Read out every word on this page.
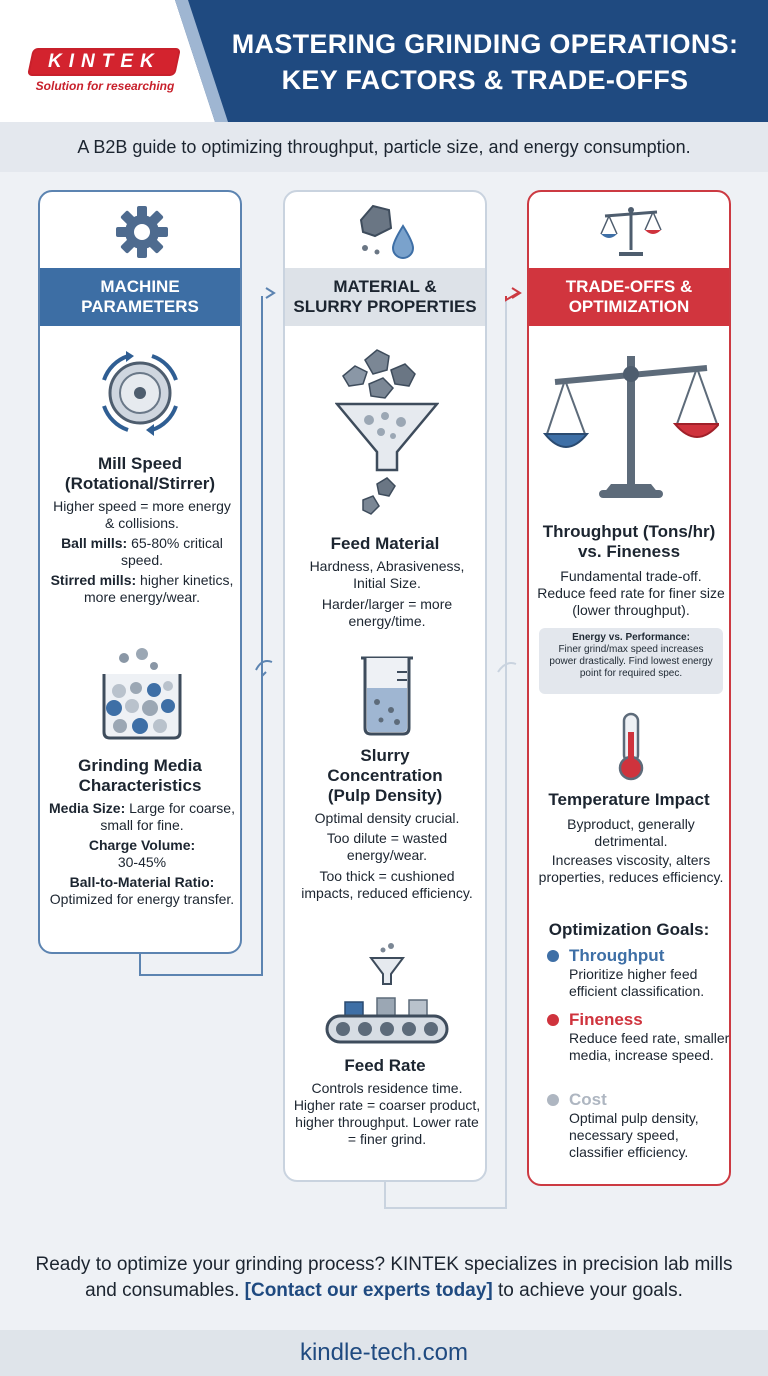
KINTEK
Solution for researching
MASTERING GRINDING OPERATIONS:
KEY FACTORS & TRADE-OFFS
A B2B guide to optimizing throughput, particle size, and energy consumption.
MACHINE
PARAMETERS
Mill Speed
(Rotational/Stirrer)
Higher speed = more energy & collisions.
Ball mills: 65-80% critical speed.
Stirred mills: higher kinetics, more energy/wear.
Grinding Media
Characteristics
Media Size: Large for coarse, small for fine.
Charge Volume:
30-45%
Ball-to-Material Ratio: Optimized for energy transfer.
MATERIAL &
SLURRY PROPERTIES
Feed Material
Hardness, Abrasiveness, Initial Size.
Harder/larger = more energy/time.
Slurry
Concentration
(Pulp Density)
Optimal density crucial.
Too dilute = wasted energy/wear.
Too thick = cushioned impacts, reduced efficiency.
Feed Rate
Controls residence time. Higher rate = coarser product, higher throughput. Lower rate = finer grind.
TRADE-OFFS &
OPTIMIZATION
Throughput (Tons/hr)
vs. Fineness
Fundamental trade-off. Reduce feed rate for finer size (lower throughput).
Energy vs. Performance:
Finer grind/max speed increases power drastically. Find lowest energy point for required spec.
Temperature Impact
Byproduct, generally detrimental.
Increases viscosity, alters properties, reduces efficiency.
Optimization Goals:
Throughput
Prioritize higher feed efficient classification.
Fineness
Reduce feed rate, smaller media, increase speed.
Cost
Optimal pulp density, necessary speed, classifier efficiency.
Ready to optimize your grinding process? KINTEK specializes in precision lab mills and consumables. [Contact our experts today] to achieve your goals.
kindle-tech.com
